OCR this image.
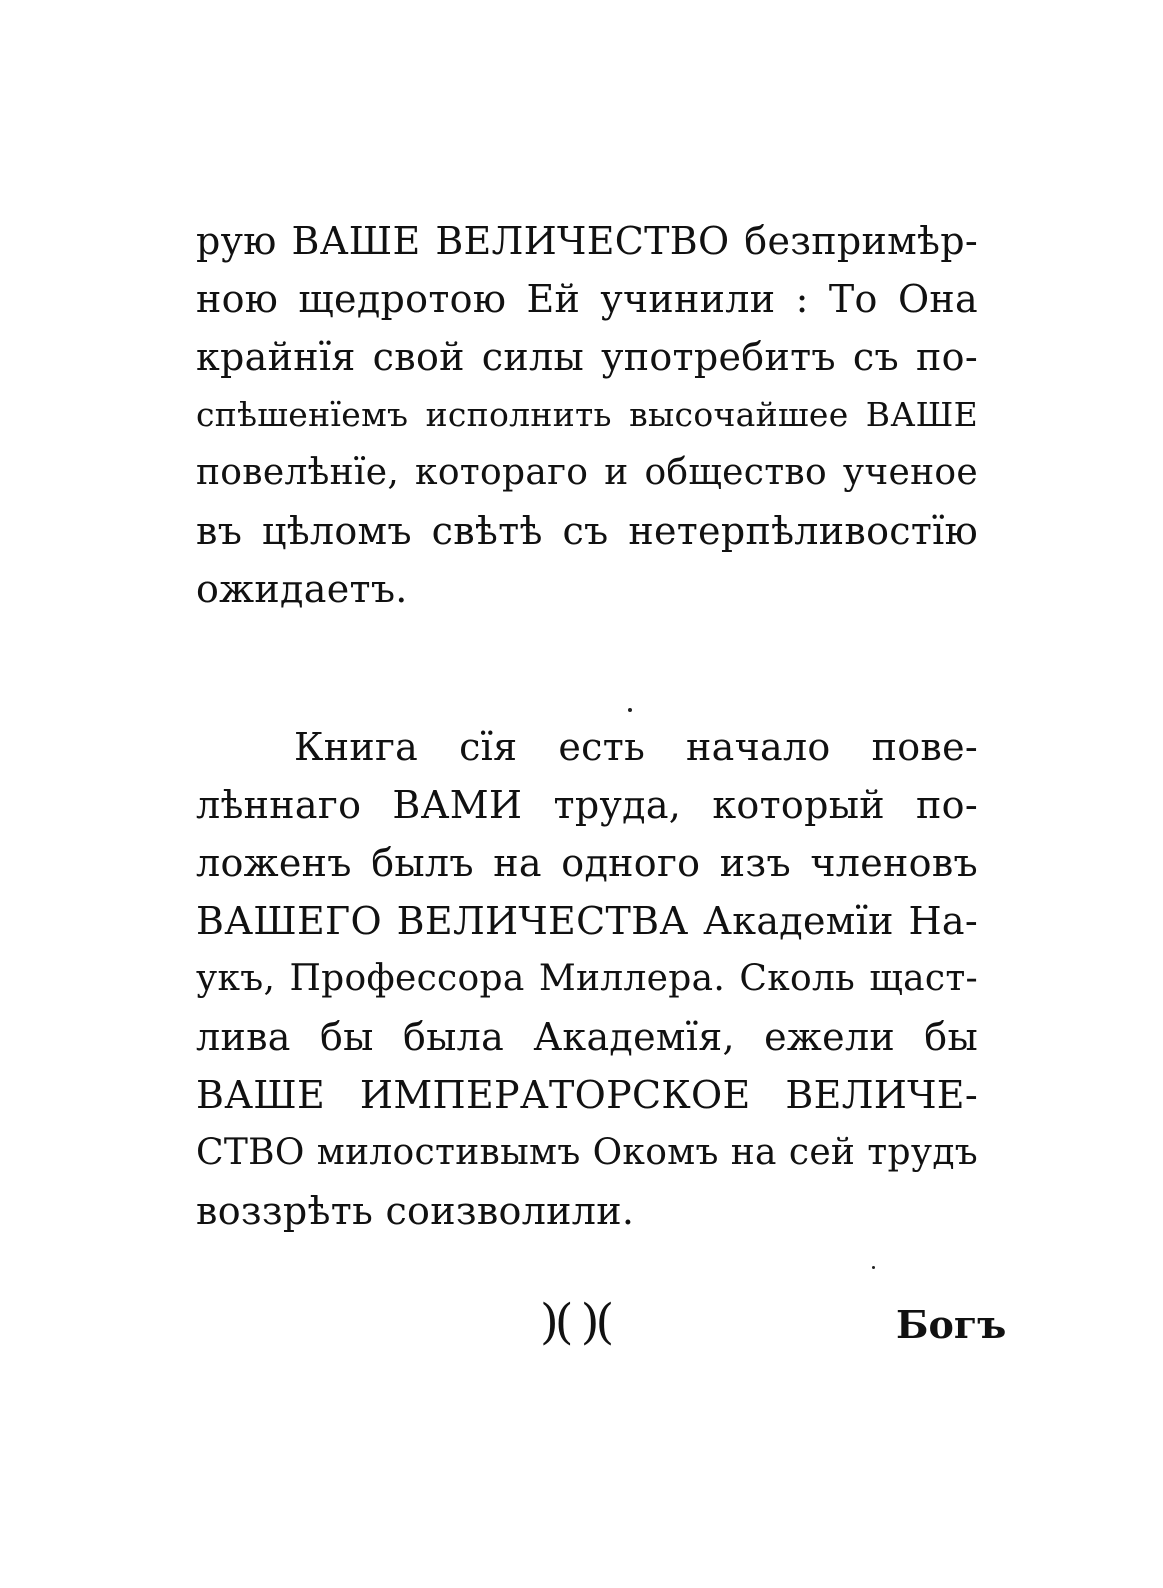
рую ВАШЕ ВЕЛИЧЕСТВО безпримѣр-
ною щедротою Ей учинили : То Она
крайнїя свой силы употребитъ съ по-
спѣшенїемъ исполнить высочайшее ВАШЕ
повелѣнїе, котораго и общество ученое
въ цѣломъ свѣтѣ съ нетерпѣливостїю
ожидаетъ.
Книга сїя есть начало пове-
лѣннаго ВАМИ труда, который по-
ложенъ былъ на одного изъ членовъ
ВАШЕГО ВЕЛИЧЕСТВА Академїи На-
укъ, Профессора Миллера. Сколь щаст-
лива бы была Академїя, ежели бы
ВАШЕ ИМПЕРАТОРСКОЕ ВЕЛИЧЕ-
СТВО милостивымъ Окомъ на сей трудъ
воззрѣть соизволили.
)( )(	Богъ
